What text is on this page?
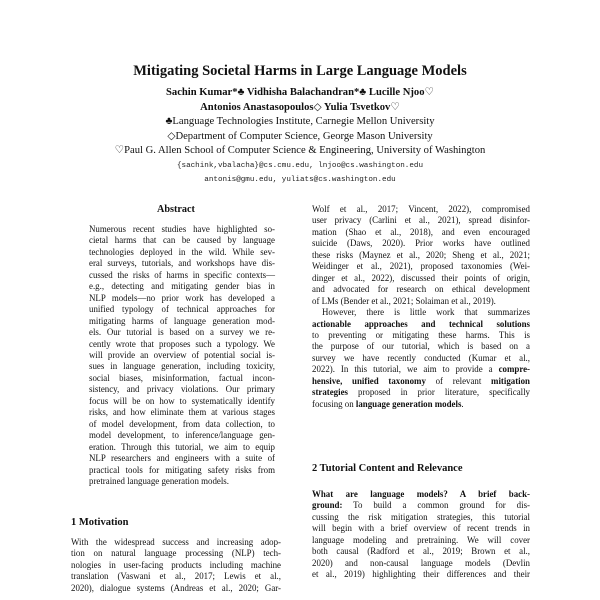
Mitigating Societal Harms in Large Language Models
Sachin Kumar*♣ Vidhisha Balachandran*♣ Lucille Njoo♡
Antonios Anastasopoulos◇ Yulia Tsvetkov♡
♣Language Technologies Institute, Carnegie Mellon University
◇Department of Computer Science, George Mason University
♡Paul G. Allen School of Computer Science & Engineering, University of Washington
{sachink,vbalacha}@cs.cmu.edu, lnjoo@cs.washington.edu
antonis@gmu.edu, yuliats@cs.washington.edu
Abstract
Numerous recent studies have highlighted so-
cietal harms that can be caused by language
technologies deployed in the wild. While sev-
eral surveys, tutorials, and workshops have dis-
cussed the risks of harms in specific contexts—
e.g., detecting and mitigating gender bias in
NLP models—no prior work has developed a
unified typology of technical approaches for
mitigating harms of language generation mod-
els. Our tutorial is based on a survey we re-
cently wrote that proposes such a typology. We
will provide an overview of potential social is-
sues in language generation, including toxicity,
social biases, misinformation, factual incon-
sistency, and privacy violations. Our primary
focus will be on how to systematically identify
risks, and how eliminate them at various stages
of model development, from data collection, to
model development, to inference/language gen-
eration. Through this tutorial, we aim to equip
NLP researchers and engineers with a suite of
practical tools for mitigating safety risks from
pretrained language generation models.
1 Motivation
With the widespread success and increasing adop-
tion on natural language processing (NLP) tech-
nologies in user-facing products including machine
translation (Vaswani et al., 2017; Lewis et al.,
2020), dialogue systems (Andreas et al., 2020; Gar-
Wolf et al., 2017; Vincent, 2022), compromised
user privacy (Carlini et al., 2021), spread disinfor-
mation (Shao et al., 2018), and even encouraged
suicide (Daws, 2020). Prior works have outlined
these risks (Maynez et al., 2020; Sheng et al., 2021;
Weidinger et al., 2021), proposed taxonomies (Wei-
dinger et al., 2022), discussed their points of origin,
and advocated for research on ethical development
of LMs (Bender et al., 2021; Solaiman et al., 2019).
However, there is little work that summarizes
actionable approaches and technical solutions
to preventing or mitigating these harms. This is
the purpose of our tutorial, which is based on a
survey we have recently conducted (Kumar et al.,
2022). In this tutorial, we aim to provide a compre-
hensive, unified taxonomy of relevant mitigation
strategies proposed in prior literature, specifically
focusing on language generation models.
2 Tutorial Content and Relevance
What are language models? A brief back-
ground: To build a common ground for dis-
cussing the risk mitigation strategies, this tutorial
will begin with a brief overview of recent trends in
language modeling and pretraining. We will cover
both causal (Radford et al., 2019; Brown et al.,
2020) and non-causal language models (Devlin
et al., 2019) highlighting their differences and their
